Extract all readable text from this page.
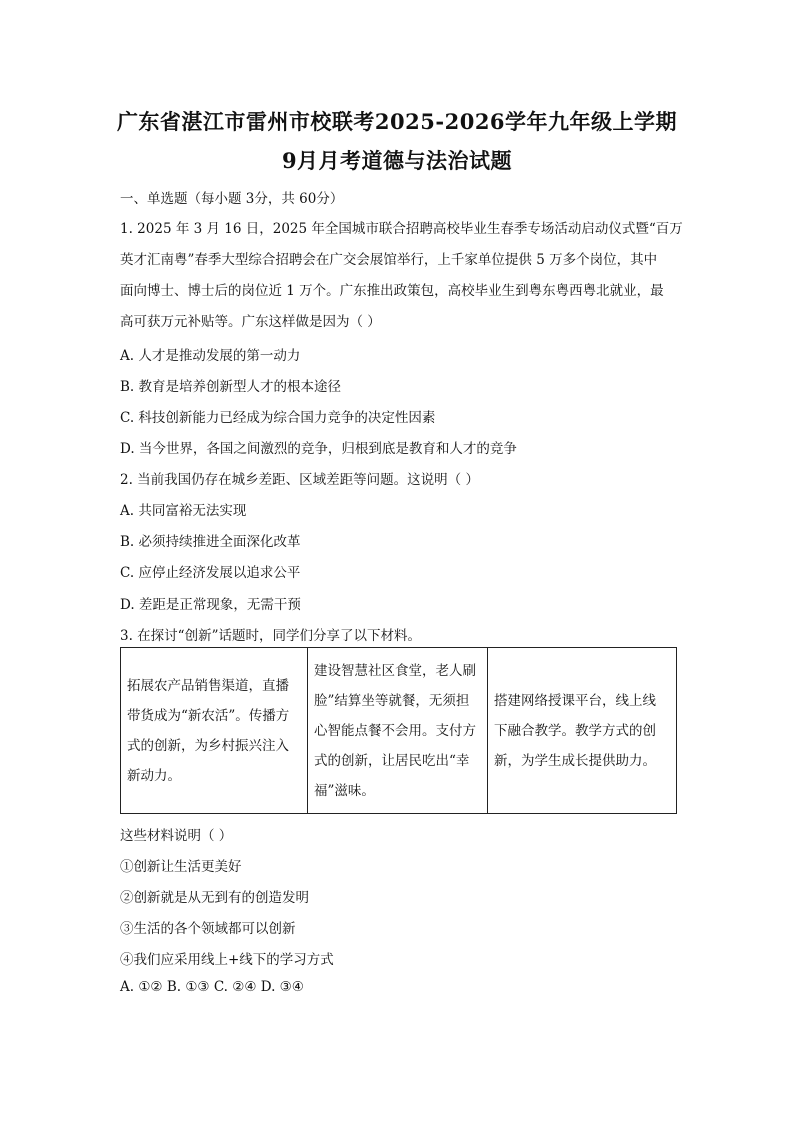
广东省湛江市雷州市校联考2025-2026学年九年级上学期
9月月考道德与法治试题
一、单选题（每小题 3分，共 60分）
1. 2025 年 3 月 16 日，2025 年全国城市联合招聘高校毕业生春季专场活动启动仪式暨“百万
英才汇南粤”春季大型综合招聘会在广交会展馆举行，上千家单位提供 5 万多个岗位，其中
面向博士、博士后的岗位近 1 万个。广东推出政策包，高校毕业生到粤东粤西粤北就业，最
高可获万元补贴等。广东这样做是因为（ ）
A. 人才是推动发展的第一动力
B. 教育是培养创新型人才的根本途径
C. 科技创新能力已经成为综合国力竞争的决定性因素
D. 当今世界，各国之间激烈的竞争，归根到底是教育和人才的竞争
2. 当前我国仍存在城乡差距、区域差距等问题。这说明（ ）
A. 共同富裕无法实现
B. 必须持续推进全面深化改革
C. 应停止经济发展以追求公平
D. 差距是正常现象，无需干预
3. 在探讨“创新”话题时，同学们分享了以下材料。
拓展农产品销售渠道，直播
带货成为“新农活”。传播方
式的创新，为乡村振兴注入
新动力。

建设智慧社区食堂，老人刷
脸”结算坐等就餐，无须担
心智能点餐不会用。支付方
式的创新，让居民吃出“幸
福”滋味。

搭建网络授课平台，线上线
下融合教学。教学方式的创
新，为学生成长提供助力。
这些材料说明（ ）
①创新让生活更美好
②创新就是从无到有的创造发明
③生活的各个领域都可以创新
④我们应采用线上+线下的学习方式
A. ①② B. ①③ C. ②④ D. ③④
